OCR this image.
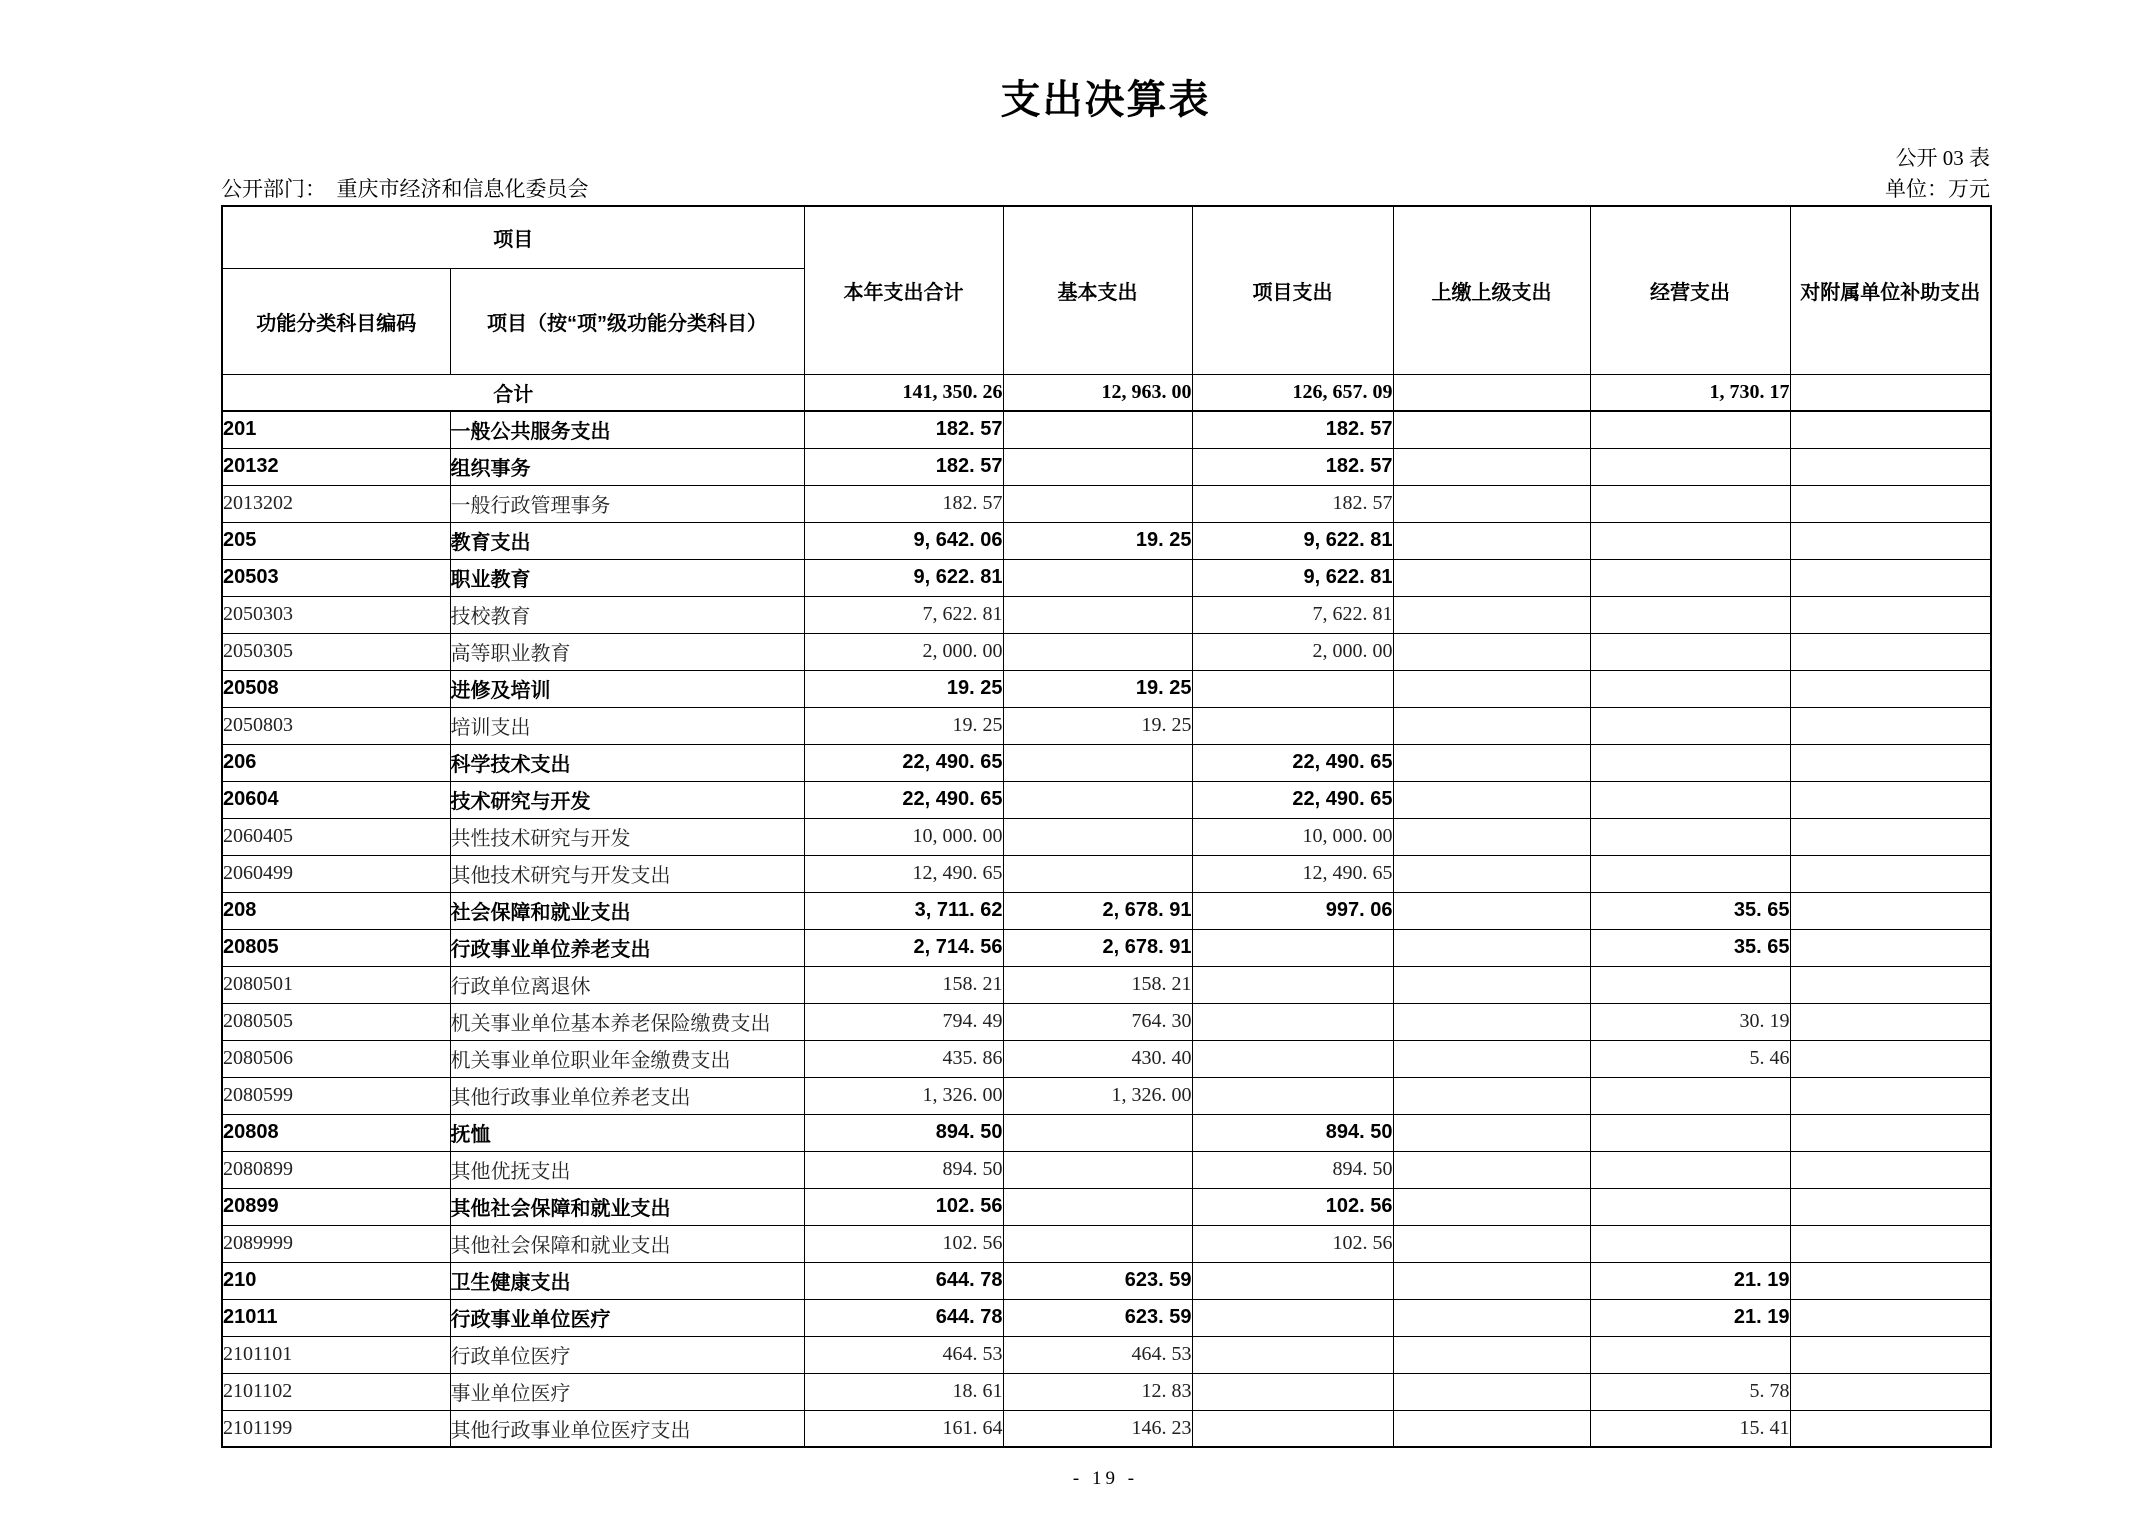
支出决算表
公开 03 表
公开部门： 重庆市经济和信息化委员会	单位：万元
项目		本年支出合计	基本支出	项目支出	上缴上级支出	经营支出	对附属单位补助支出
功能分类科目编码	项目（按“项”级功能分类科目）						
合计		141, 350. 26	12, 963. 00	126, 657. 09		1, 730. 17	
201	一般公共服务支出	182. 57		182. 57			
20132	组织事务	182. 57		182. 57			
2013202	一般行政管理事务	182. 57		182. 57			
205	教育支出	9, 642. 06	19. 25	9, 622. 81			
20503	职业教育	9, 622. 81		9, 622. 81			
2050303	技校教育	7, 622. 81		7, 622. 81			
2050305	高等职业教育	2, 000. 00		2, 000. 00			
20508	进修及培训	19. 25	19. 25				
2050803	培训支出	19. 25	19. 25				
206	科学技术支出	22, 490. 65		22, 490. 65			
20604	技术研究与开发	22, 490. 65		22, 490. 65			
2060405	共性技术研究与开发	10, 000. 00		10, 000. 00			
2060499	其他技术研究与开发支出	12, 490. 65		12, 490. 65			
208	社会保障和就业支出	3, 711. 62	2, 678. 91	997. 06		35. 65	
20805	行政事业单位养老支出	2, 714. 56	2, 678. 91			35. 65	
2080501	行政单位离退休	158. 21	158. 21				
2080505	机关事业单位基本养老保险缴费支出	794. 49	764. 30			30. 19	
2080506	机关事业单位职业年金缴费支出	435. 86	430. 40			5. 46	
2080599	其他行政事业单位养老支出	1, 326. 00	1, 326. 00				
20808	抚恤	894. 50		894. 50			
2080899	其他优抚支出	894. 50		894. 50			
20899	其他社会保障和就业支出	102. 56		102. 56			
2089999	其他社会保障和就业支出	102. 56		102. 56			
210	卫生健康支出	644. 78	623. 59			21. 19	
21011	行政事业单位医疗	644. 78	623. 59			21. 19	
2101101	行政单位医疗	464. 53	464. 53				
2101102	事业单位医疗	18. 61	12. 83			5. 78	
2101199	其他行政事业单位医疗支出	161. 64	146. 23			15. 41	
- 19 -
